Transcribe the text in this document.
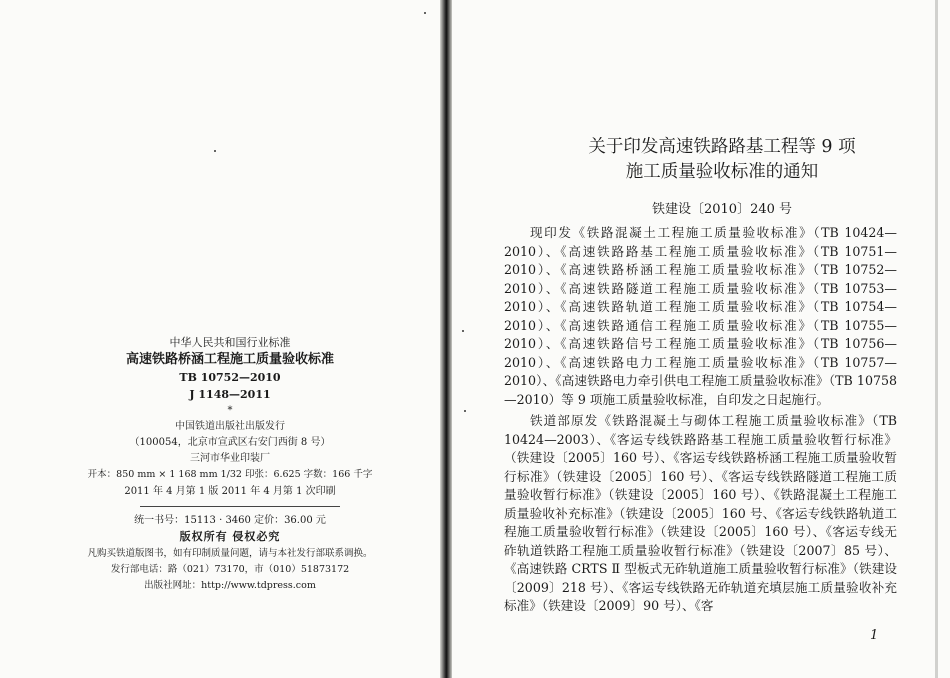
中华人民共和国行业标准
高速铁路桥涵工程施工质量验收标准
TB 10752—2010
J 1148—2011
*
中国铁道出版社出版发行
（100054，北京市宣武区右安门西街 8 号）
三河市华业印装厂
开本：850 mm × 1 168 mm 1/32 印张：6.625 字数：166 千字
2011 年 4 月第 1 版 2011 年 4 月第 1 次印刷
统一书号：15113 · 3460 定价：36.00 元
版权所有 侵权必究
凡购买铁道版图书，如有印制质量问题，请与本社发行部联系调换。
发行部电话：路（021）73170，市（010）51873172
出版社网址：http://www.tdpress.com
关于印发高速铁路路基工程等 9 项
施工质量验收标准的通知
铁建设〔2010〕240 号
现印发《铁路混凝土工程施工质量验收标准》（TB 10424—2010）、《高速铁路路基工程施工质量验收标准》（TB 10751—2010）、《高速铁路桥涵工程施工质量验收标准》（TB 10752—2010）、《高速铁路隧道工程施工质量验收标准》（TB 10753—2010）、《高速铁路轨道工程施工质量验收标准》（TB 10754—2010）、《高速铁路通信工程施工质量验收标准》（TB 10755—2010）、《高速铁路信号工程施工质量验收标准》（TB 10756—2010）、《高速铁路电力工程施工质量验收标准》（TB 10757—2010）、《高速铁路电力牵引供电工程施工质量验收标准》（TB 10758—2010）等 9 项施工质量验收标准，自印发之日起施行。
铁道部原发《铁路混凝土与砌体工程施工质量验收标准》（TB 10424—2003）、《客运专线铁路路基工程施工质量验收暂行标准》（铁建设〔2005〕160 号）、《客运专线铁路桥涵工程施工质量验收暂行标准》（铁建设〔2005〕160 号）、《客运专线铁路隧道工程施工质量验收暂行标准》（铁建设〔2005〕160 号）、《铁路混凝土工程施工质量验收补充标准》（铁建设〔2005〕160 号、《客运专线铁路轨道工程施工质量验收暂行标准》（铁建设〔2005〕160 号）、《客运专线无砟轨道铁路工程施工质量验收暂行标准》（铁建设〔2007〕85 号）、《高速铁路 CRTS Ⅱ 型板式无砟轨道施工质量验收暂行标准》（铁建设〔2009〕218 号）、《客运专线铁路无砟轨道充填层施工质量验收补充标准》（铁建设〔2009〕90 号）、《客
1
